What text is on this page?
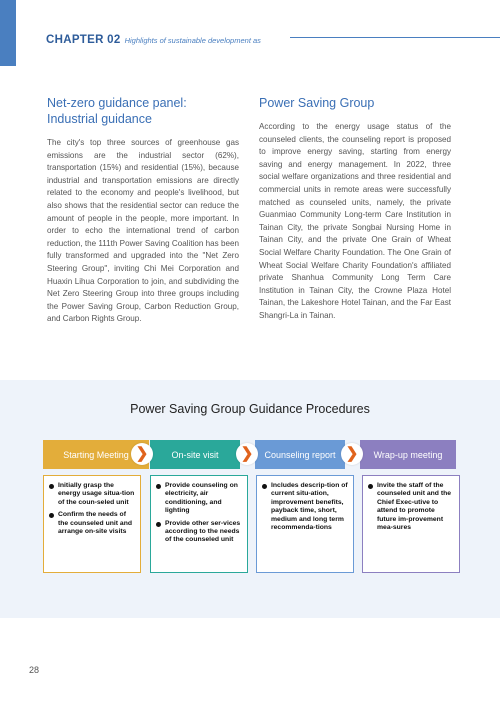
CHAPTER 02 Highlights of sustainable development as
Net-zero guidance panel:
Industrial guidance

The city's top three sources of greenhouse gas emissions are the industrial sector (62%), transportation (15%) and residential (15%), because industrial and transportation emissions are directly related to the economy and people's livelihood, but also shows that the residential sector can reduce the amount of people in the people, more important. In order to echo the international trend of carbon reduction, the 111th Power Saving Coalition has been fully transformed and upgraded into the "Net Zero Steering Group", inviting Chi Mei Corporation and Huaxin Lihua Corporation to join, and subdividing the Net Zero Steering Group into three groups including the Power Saving Group, Carbon Reduction Group, and Carbon Rights Group.

Power Saving Group

According to the energy usage status of the counseled clients, the counseling report is proposed to improve energy saving, starting from energy saving and energy management. In 2022, three social welfare organizations and three residential and commercial units in remote areas were successfully matched as counseled units, namely, the private Guanmiao Community Long-term Care Institution in Tainan City, the private Songbai Nursing Home in Tainan City, and the private One Grain of Wheat Social Welfare Charity Foundation. The One Grain of Wheat Social Welfare Charity Foundation's affiliated private Shanhua Community Long Term Care Institution in Tainan City, the Crowne Plaza Hotel Tainan, the Lakeshore Hotel Tainan, and the Far East Shangri-La in Tainan.

Power Saving Group Guidance Procedures
Starting Meeting	On-site visit	Counseling report	Wrap-up meeting
❯	❯	❯
Initially grasp the energy usage situa-tion of the coun-seled unit
Confirm the needs of the counseled unit and arrange on-site visits
Provide counseling on electricity, air conditioning, and lighting
Provide other ser-vices according to the needs of the counseled unit
Includes descrip-tion of current situ-ation, improvement benefits, payback time, short, medium and long term recommenda-tions
Invite the staff of the counseled unit and the Chief Exec-utive to attend to promote future im-provement mea-sures
28
